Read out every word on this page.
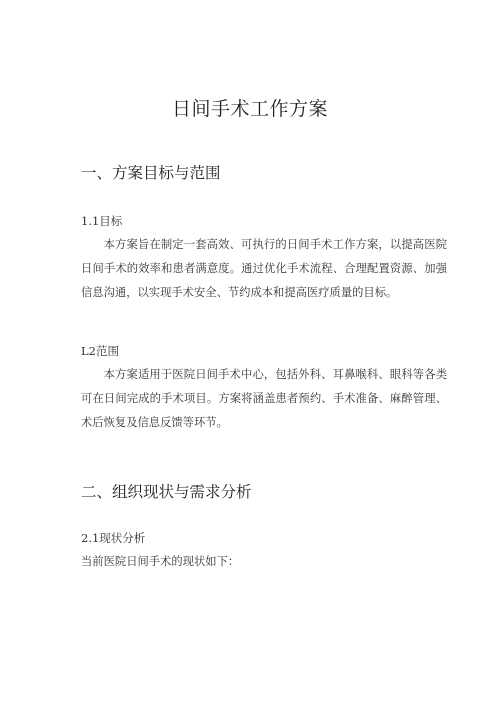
日间手术工作方案
一、方案目标与范围
1.1目标

本方案旨在制定一套高效、可执行的日间手术工作方案，以提高医院日间手术的效率和患者满意度。通过优化手术流程、合理配置资源、加强信息沟通，以实现手术安全、节约成本和提高医疗质量的目标。

L2范围

本方案适用于医院日间手术中心，包括外科、耳鼻喉科、眼科等各类可在日间完成的手术项目。方案将涵盖患者预约、手术准备、麻醉管理、术后恢复及信息反馈等环节。

二、组织现状与需求分析
2.1现状分析

当前医院日间手术的现状如下：
